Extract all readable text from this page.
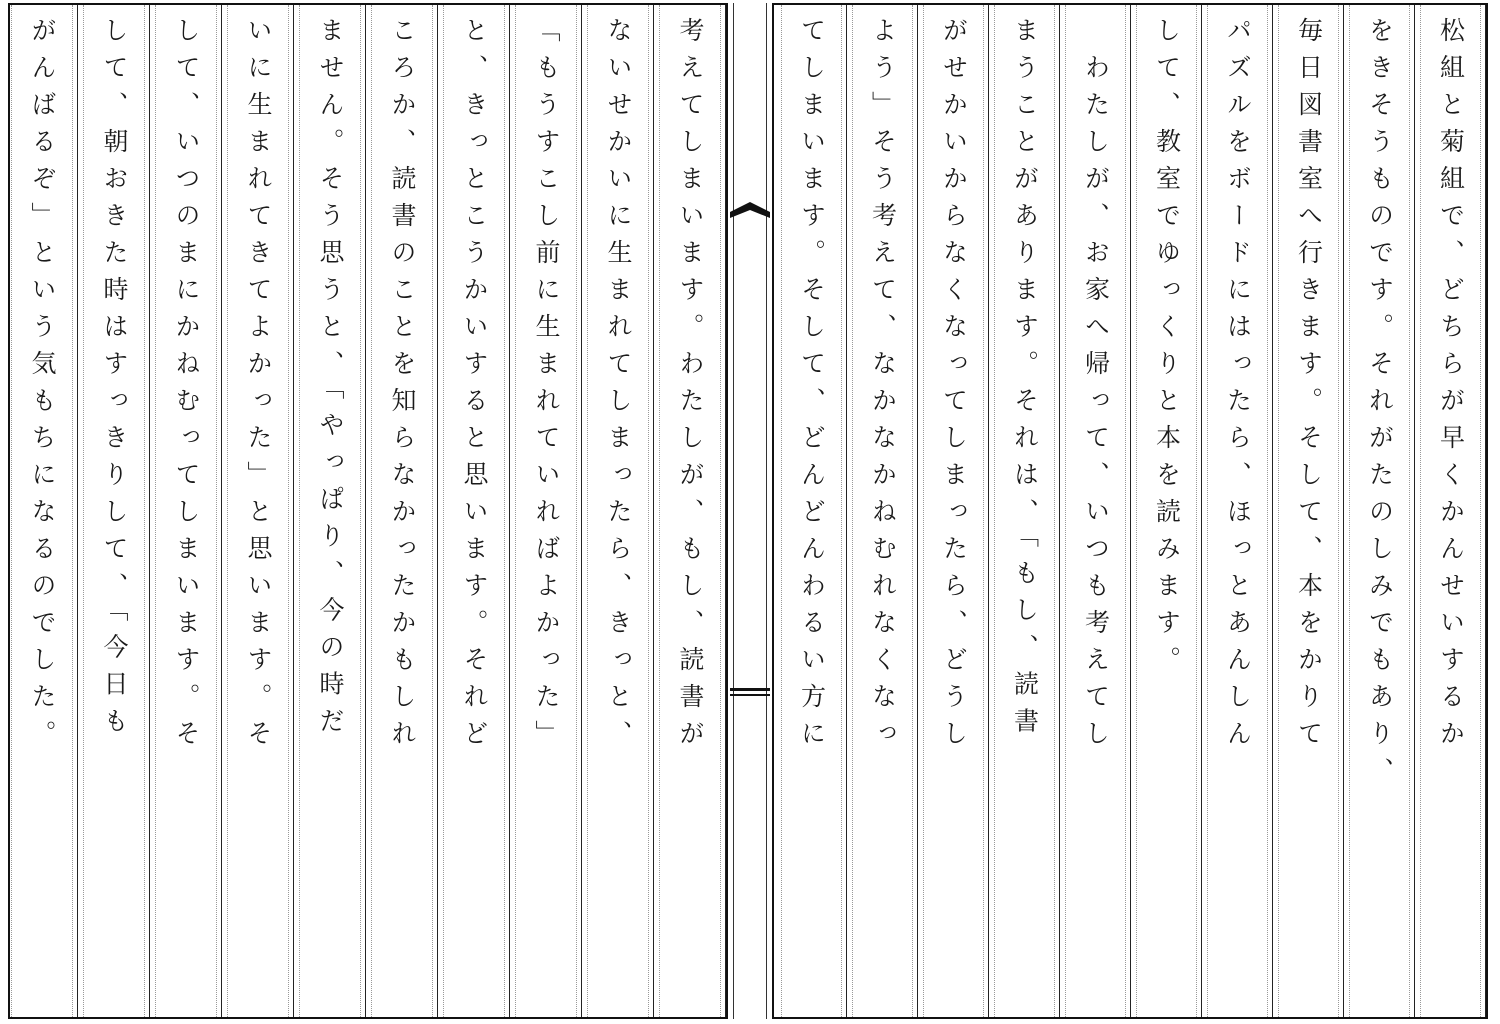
考えてしまいます。わたしが、もし、読書が
ないせかいに生まれてしまったら、きっと、
「もうすこし前に生まれていればよかった」
と、きっとこうかいすると思います。それど
ころか、読書のことを知らなかったかもしれ
ません。そう思うと、「やっぱり、今の時だ
いに生まれてきてよかった」と思います。そ
して、いつのまにかねむってしまいます。そ
して、朝おきた時はすっきりして、「今日も
がんばるぞ」という気もちになるのでした。	松組と菊組で、どちらが早くかんせいするか
をきそうものです。それがたのしみでもあり、
毎日図書室へ行きます。そして、本をかりて
パズルをボードにはったら、ほっとあんしん
して、教室でゆっくりと本を読みます。
　わたしが、お家へ帰って、いつも考えてし
まうことがあります。それは、「もし、読書
がせかいからなくなってしまったら、どうし
よう」そう考えて、なかなかねむれなくなっ
てしまいます。そして、どんどんわるい方に
